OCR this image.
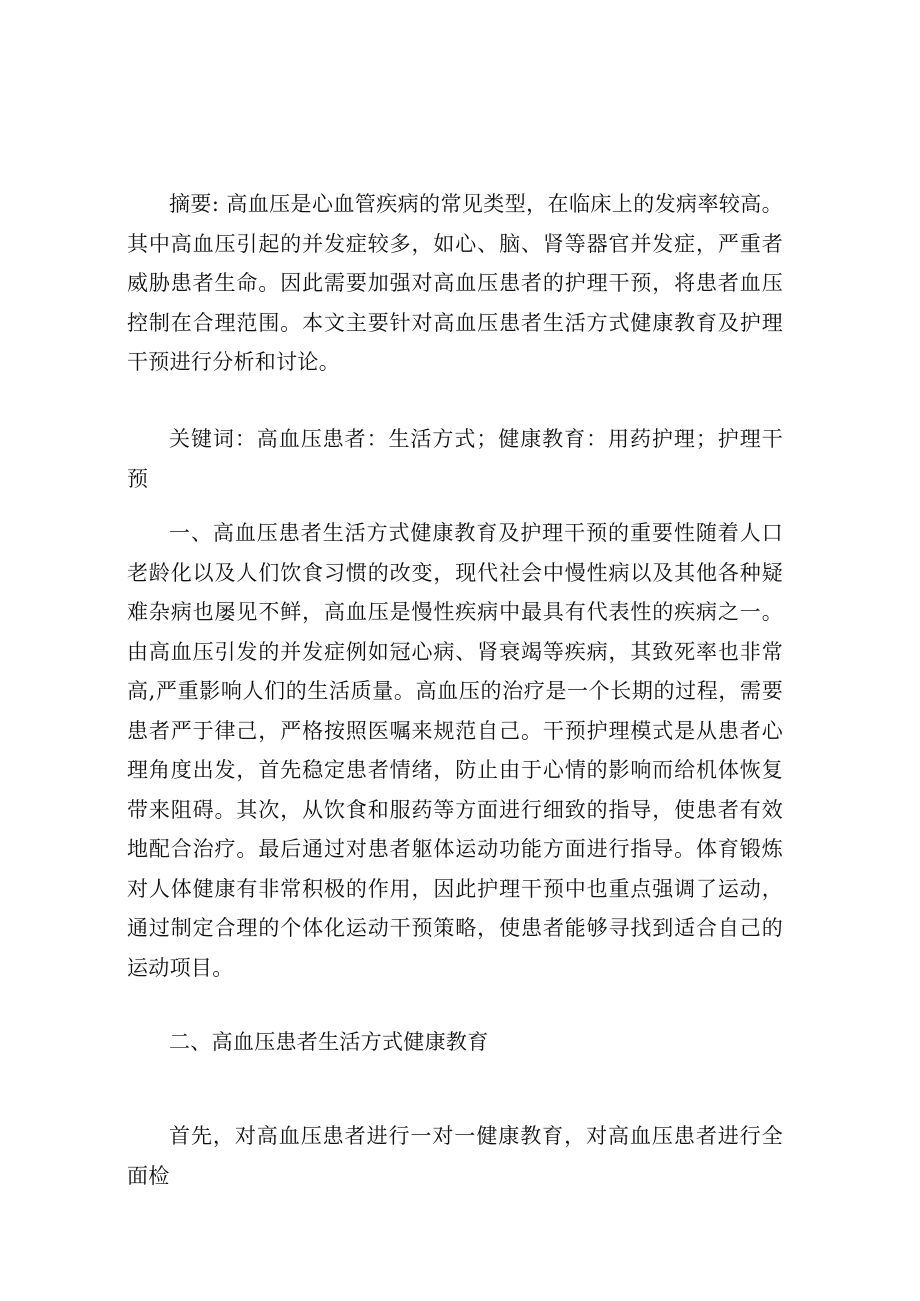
摘要: 高血压是心血管疾病的常见类型，在临床上的发病率较高。其中高血压引起的并发症较多，如心、脑、肾等器官并发症，严重者威胁患者生命。因此需要加强对高血压患者的护理干预，将患者血压控制在合理范围。本文主要针对高血压患者生活方式健康教育及护理干预进行分析和讨论。

关键词：高血压患者：生活方式；健康教育：用药护理；护理干预

一、高血压患者生活方式健康教育及护理干预的重要性随着人口老龄化以及人们饮食习惯的改变，现代社会中慢性病以及其他各种疑难杂病也屡见不鲜，高血压是慢性疾病中最具有代表性的疾病之一。由高血压引发的并发症例如冠心病、肾衰竭等疾病，其致死率也非常高,严重影响人们的生活质量。高血压的治疗是一个长期的过程，需要患者严于律己，严格按照医嘱来规范自己。干预护理模式是从患者心理角度出发，首先稳定患者情绪，防止由于心情的影响而给机体恢复带来阻碍。其次，从饮食和服药等方面进行细致的指导，使患者有效地配合治疗。最后通过对患者躯体运动功能方面进行指导。体育锻炼对人体健康有非常积极的作用，因此护理干预中也重点强调了运动，通过制定合理的个体化运动干预策略，使患者能够寻找到适合自己的运动项目。

二、高血压患者生活方式健康教育

首先，对高血压患者进行一对一健康教育，对高血压患者进行全面检
